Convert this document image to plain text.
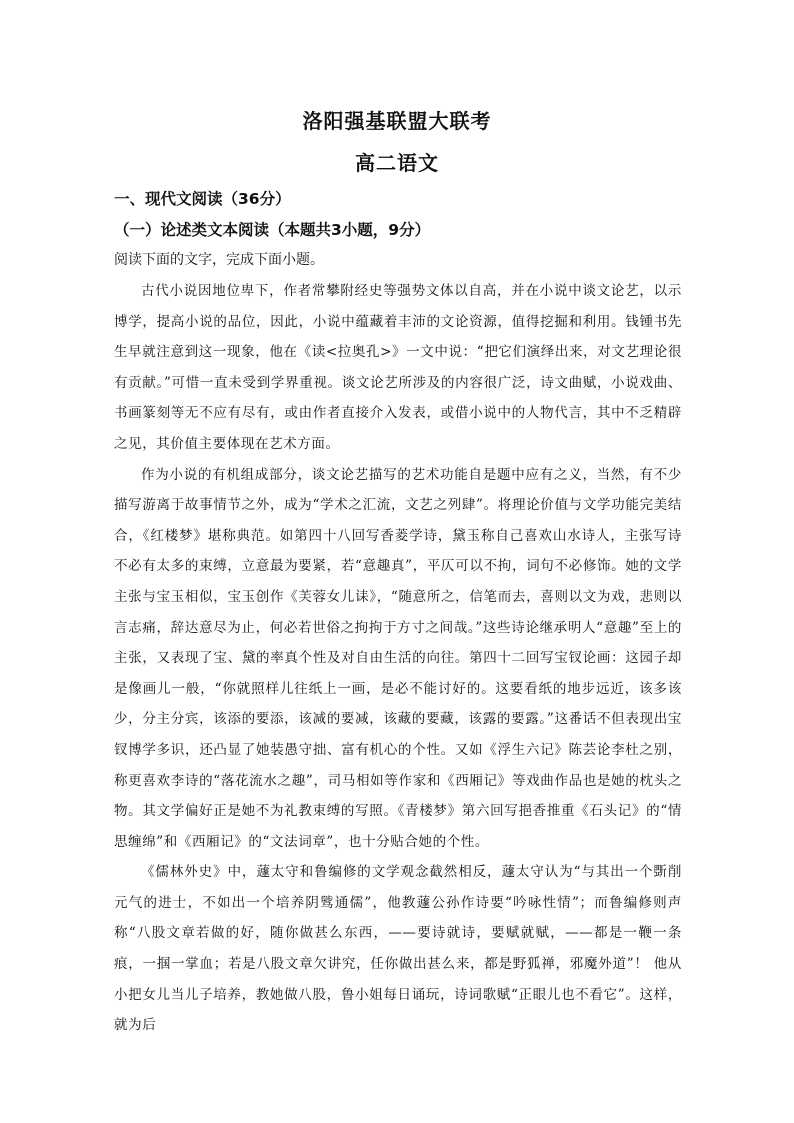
洛阳强基联盟大联考
高二语文
一、现代文阅读（36分）
（一）论述类文本阅读（本题共3小题，9分）
阅读下面的文字，完成下面小题。

古代小说因地位卑下，作者常攀附经史等强势文体以自高，并在小说中谈文论艺，以示博学，提高小说的品位，因此，小说中蕴藏着丰沛的文论资源，值得挖掘和利用。钱锺书先生早就注意到这一现象，他在《读<拉奥孔>》一文中说：“把它们演绎出来，对文艺理论很有贡献。”可惜一直未受到学界重视。谈文论艺所涉及的内容很广泛，诗文曲赋，小说戏曲、书画篆刻等无不应有尽有，或由作者直接介入发表，或借小说中的人物代言，其中不乏精辟之见，其价值主要体现在艺术方面。

作为小说的有机组成部分，谈文论艺描写的艺术功能自是题中应有之义，当然，有不少描写游离于故事情节之外，成为“学术之汇流，文艺之列肆”。将理论价值与文学功能完美结合，《红楼梦》堪称典范。如第四十八回写香菱学诗，黛玉称自己喜欢山水诗人，主张写诗不必有太多的束缚，立意最为要紧，若“意趣真”，平仄可以不拘，词句不必修饰。她的文学主张与宝玉相似，宝玉创作《芙蓉女儿诔》，“随意所之，信笔而去，喜则以文为戏，悲则以言志痛，辞达意尽为止，何必若世俗之拘拘于方寸之间哉。”这些诗论继承明人“意趣”至上的主张，又表现了宝、黛的率真个性及对自由生活的向往。第四十二回写宝钗论画：这园子却是像画儿一般，“你就照样儿往纸上一画，是必不能讨好的。这要看纸的地步远近，该多该少，分主分宾，该添的要添，该减的要减，该藏的要藏，该露的要露。”这番话不但表现出宝钗博学多识，还凸显了她装愚守拙、富有机心的个性。又如《浮生六记》陈芸论李杜之别，称更喜欢李诗的“落花流水之趣”，司马相如等作家和《西厢记》等戏曲作品也是她的枕头之物。其文学偏好正是她不为礼教束缚的写照。《青楼梦》第六回写挹香推重《石头记》的“情思缠绵”和《西厢记》的“文法词章”，也十分贴合她的个性。

《儒林外史》中，蘧太守和鲁编修的文学观念截然相反，蘧太守认为“与其出一个斲削元气的进士，不如出一个培养阴骘通儒”，他教蘧公孙作诗要“吟咏性情”；而鲁编修则声称“八股文章若做的好，随你做甚么东西，——要诗就诗，要赋就赋，——都是一鞭一条痕，一掴一掌血；若是八股文章欠讲究，任你做出甚么来，都是野狐禅，邪魔外道”！ 他从小把女儿当儿子培养，教她做八股，鲁小姐每日诵玩，诗词歌赋“正眼儿也不看它”。这样，就为后
